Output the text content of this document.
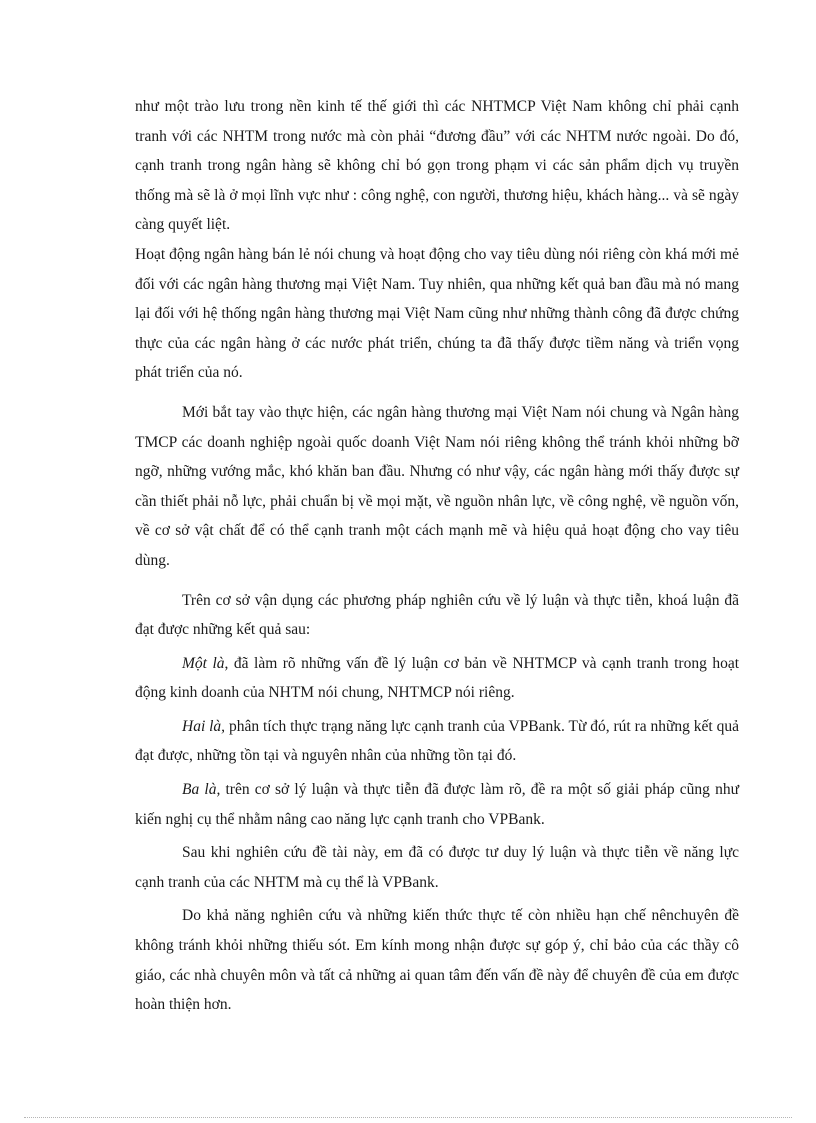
như một trào lưu trong nền kinh tế thế giới thì các NHTMCP Việt Nam không chỉ phải cạnh tranh với các NHTM trong nước mà còn phải “đương đầu” với các NHTM nước ngoài. Do đó, cạnh tranh trong ngân hàng sẽ không chỉ bó gọn trong phạm vi các sản phẩm dịch vụ truyền thống mà sẽ là ở mọi lĩnh vực như : công nghệ, con người, thương hiệu, khách hàng... và sẽ ngày càng quyết liệt.

Hoạt động ngân hàng bán lẻ nói chung và hoạt động cho vay tiêu dùng nói riêng còn khá mới mẻ đối với các ngân hàng thương mại Việt Nam. Tuy nhiên, qua những kết quả ban đầu mà nó mang lại đối với hệ thống ngân hàng thương mại Việt Nam cũng như những thành công đã được chứng thực của các ngân hàng ở các nước phát triển, chúng ta đã thấy được tiềm năng và triển vọng phát triển của nó.

Mới bắt tay vào thực hiện, các ngân hàng thương mại Việt Nam nói chung và Ngân hàng TMCP các doanh nghiệp ngoài quốc doanh Việt Nam nói riêng không thể tránh khỏi những bỡ ngỡ, những vướng mắc, khó khăn ban đầu. Nhưng có như vậy, các ngân hàng mới thấy được sự cần thiết phải nỗ lực, phải chuẩn bị về mọi mặt, về nguồn nhân lực, về công nghệ, về nguồn vốn, về cơ sở vật chất để có thể cạnh tranh một cách mạnh mẽ và hiệu quả hoạt động cho vay tiêu dùng.

Trên cơ sở vận dụng các phương pháp nghiên cứu về lý luận và thực tiễn, khoá luận đã đạt được những kết quả sau:

Một là, đã làm rõ những vấn đề lý luận cơ bản về NHTMCP và cạnh tranh trong hoạt động kinh doanh của NHTM nói chung, NHTMCP nói riêng.

Hai là, phân tích thực trạng năng lực cạnh tranh của VPBank. Từ đó, rút ra những kết quả đạt được, những tồn tại và nguyên nhân của những tồn tại đó.

Ba là, trên cơ sở lý luận và thực tiễn đã được làm rõ, đề ra một số giải pháp cũng như kiến nghị cụ thể nhằm nâng cao năng lực cạnh tranh cho VPBank.

Sau khi nghiên cứu đề tài này, em đã có được tư duy lý luận và thực tiễn về năng lực cạnh tranh của các NHTM mà cụ thể là VPBank.

Do khả năng nghiên cứu và những kiến thức thực tế còn nhiều hạn chế nênchuyên đề không tránh khỏi những thiếu sót. Em kính mong nhận được sự góp ý, chỉ bảo của các thầy cô giáo, các nhà chuyên môn và tất cả những ai quan tâm đến vấn đề này để chuyên đề của em được hoàn thiện hơn.
